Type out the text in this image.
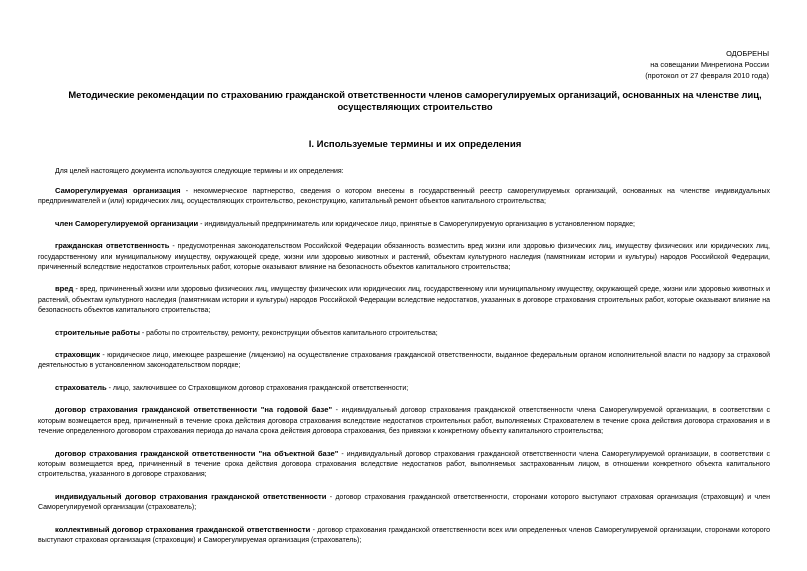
ОДОБРЕНЫ
на совещании Минрегиона России
(протокол от 27 февраля 2010 года)
Методические рекомендации по страхованию гражданской ответственности членов саморегулируемых организаций, основанных на членстве лиц, осуществляющих строительство
I. Используемые термины и их определения
Для целей настоящего документа используются следующие термины и их определения:

Саморегулируемая организация - некоммерческое партнерство, сведения о котором внесены в государственный реестр саморегулируемых организаций, основанных на членстве индивидуальных предпринимателей и (или) юридических лиц, осуществляющих строительство, реконструкцию, капитальный ремонт объектов капитального строительства;

член Саморегулируемой организации - индивидуальный предприниматель или юридическое лицо, принятые в Саморегулируемую организацию в установленном порядке;

гражданская ответственность - предусмотренная законодательством Российской Федерации обязанность возместить вред жизни или здоровью физических лиц, имуществу физических или юридических лиц, государственному или муниципальному имуществу, окружающей среде, жизни или здоровью животных и растений, объектам культурного наследия (памятникам истории и культуры) народов Российской Федерации, причиненный вследствие недостатков строительных работ, которые оказывают влияние на безопасность объектов капитального строительства;

вред - вред, причиненный жизни или здоровью физических лиц, имуществу физических или юридических лиц, государственному или муниципальному имуществу, окружающей среде, жизни или здоровью животных и растений, объектам культурного наследия (памятникам истории и культуры) народов Российской Федерации вследствие недостатков, указанных в договоре страхования строительных работ, которые оказывают влияние на безопасность объектов капитального строительства;

строительные работы - работы по строительству, ремонту, реконструкции объектов капитального строительства;

страховщик - юридическое лицо, имеющее разрешение (лицензию) на осуществление страхования гражданской ответственности, выданное федеральным органом исполнительной власти по надзору за страховой деятельностью в установленном законодательством порядке;

страхователь - лицо, заключившее со Страховщиком договор страхования гражданской ответственности;

договор страхования гражданской ответственности "на годовой базе" - индивидуальный договор страхования гражданской ответственности члена Саморегулируемой организации, в соответствии с которым возмещается вред, причиненный в течение срока действия договора страхования вследствие недостатков строительных работ, выполняемых Страхователем в течение срока действия договора страхования и в течение определенного договором страхования периода до начала срока действия договора страхования, без привязки к конкретному объекту капитального строительства;

договор страхования гражданской ответственности "на объектной базе" - индивидуальный договор страхования гражданской ответственности члена Саморегулируемой организации, в соответствии с которым возмещается вред, причиненный в течение срока действия договора страхования вследствие недостатков работ, выполняемых застрахованным лицом, в отношении конкретного объекта капитального строительства, указанного в договоре страхования;

индивидуальный договор страхования гражданской ответственности - договор страхования гражданской ответственности, сторонами которого выступают страховая организация (страховщик) и член Саморегулируемой организации (страхователь);

коллективный договор страхования гражданской ответственности - договор страхования гражданской ответственности всех или определенных членов Саморегулируемой организации, сторонами которого выступают страховая организация (страховщик) и Саморегулируемая организация (страхователь);
